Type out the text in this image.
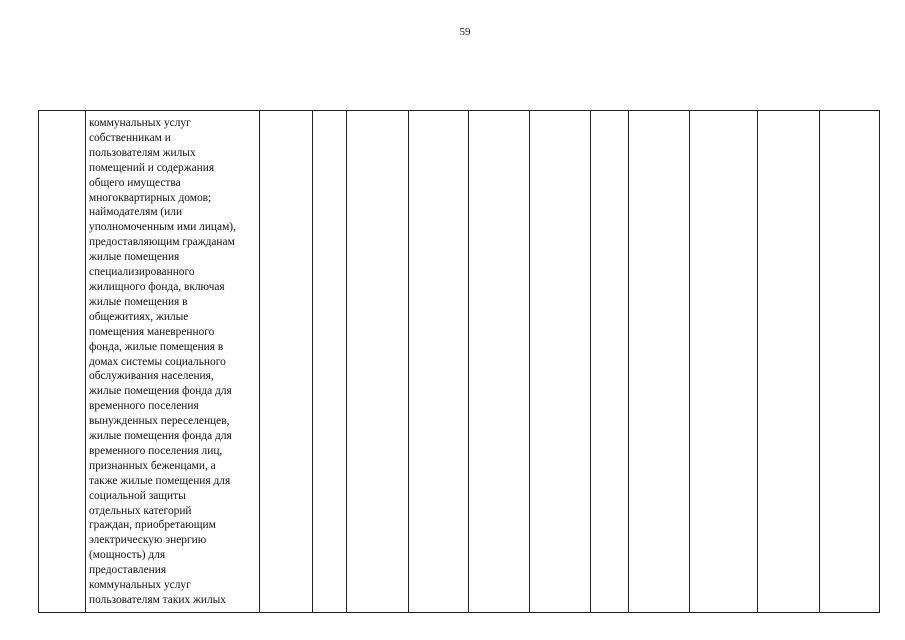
59

коммунальных услуг
собственникам и
пользователям жилых
помещений и содержания
общего имущества
многоквартирных домов;
наймодателям (или
уполномоченным ими лицам),
предоставляющим гражданам
жилые помещения
специализированного
жилищного фонда, включая
жилые помещения в
общежитиях, жилые
помещения маневренного
фонда, жилые помещения в
домах системы социального
обслуживания населения,
жилые помещения фонда для
временного поселения
вынужденных переселенцев,
жилые помещения фонда для
временного поселения лиц,
признанных беженцами, а
также жилые помещения для
социальной защиты
отдельных категорий
граждан, приобретающим
электрическую энергию
(мощность) для
предоставления
коммунальных услуг
пользователям таких жилых
